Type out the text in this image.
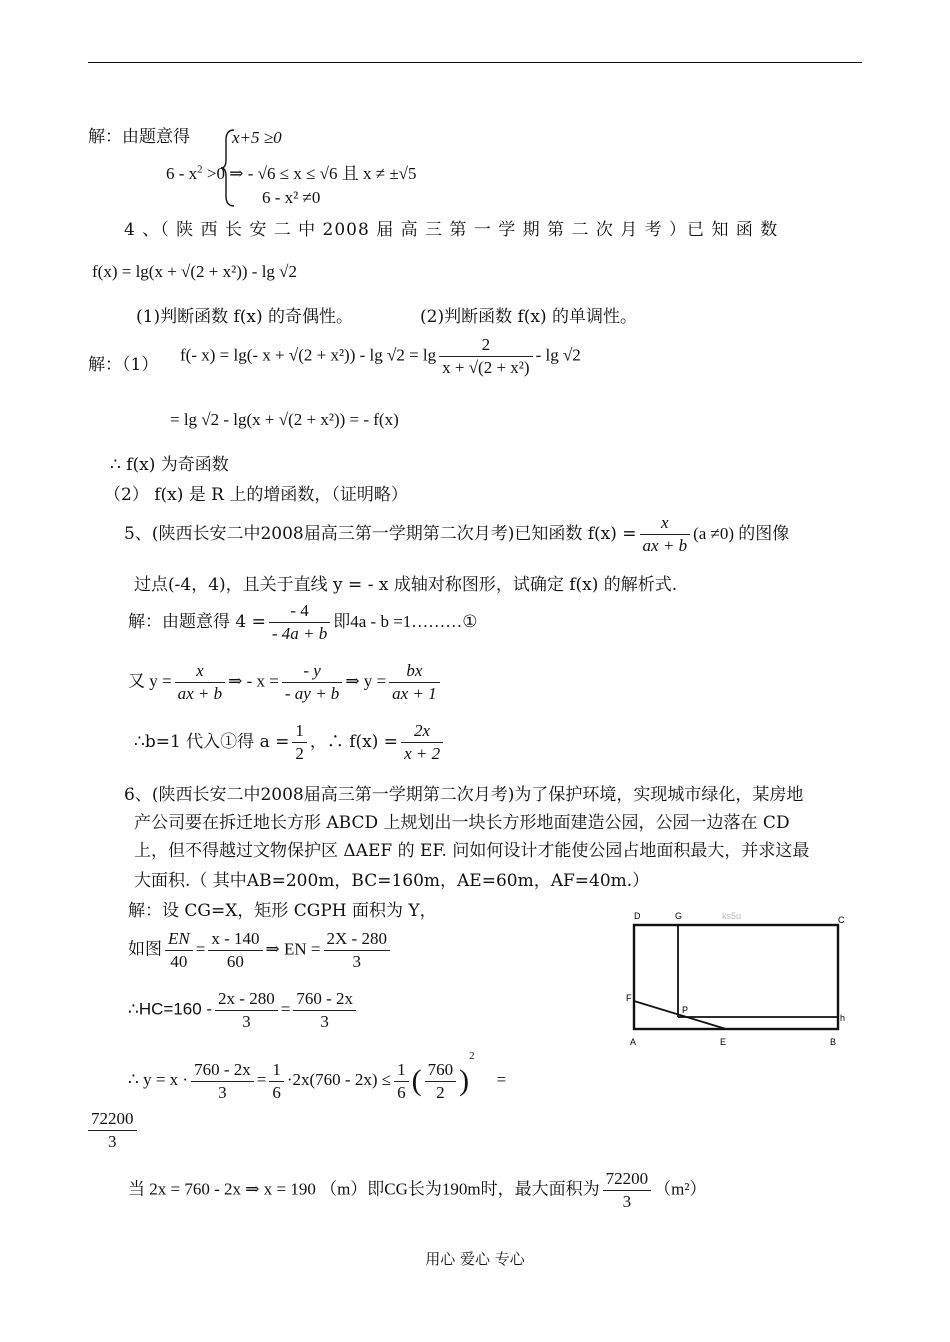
解：由题意得 x+5 ≥0
$6 - x^2 >0$ ⇒ - √6 ≤ x ≤ √6 且 x ≠ ±√5
6 - x² ≠0
4 、（ 陕 西 长 安 二 中 2008 届 高 三 第 一 学 期 第 二 次 月 考 ）已 知 函 数
f(x) = lg(x + √(2 + x²)) - lg √2
(1)判断函数 f(x) 的奇偶性。	(2)判断函数 f(x) 的单调性。
解：（1）
f(- x) = lg(- $x + √(2 + x^2)) - \lg √2 = \lg \frac{2}{\text{x + √(2 + x²)}} - \lg √2$
= lg √2 - lg(x + √(2 + x²)) = - f(x)
∴ f(x) 为奇函数
（2） f(x) 是 R 上的增函数，（证明略）
5、(陕西长安二中2008届高三第一学期第二次月考)已知函数 $f(x) = \frac{x}{ax + b} (a \ne 0)$ 的图像
过点(-4，4)，且关于直线 y = - x 成轴对称图形，试确定 f(x) 的解析式.
解：由题意得 $4 = \frac{- 4}{- 4a + b}$ 即4a - b =1………①
又 $y = \frac{x}{ax + b}$ ⇒ - $x = \frac{- y}{- ay + b}$ ⇒ $y = \frac{bx}{ax + 1}$
∴b=1 代入①得 $a = \frac{1}{2}$ ，∴ $f(x) = \frac{2x}{x + 2}$
6、(陕西长安二中2008届高三第一学期第二次月考)为了保护环境，实现城市绿化，某房地
产公司要在拆迁地长方形 ABCD 上规划出一块长方形地面建造公园，公园一边落在 CD
上，但不得越过文物保护区 ΔAEF 的 EF. 问如何设计才能使公园占地面积最大，并求这最
大面积.（ 其中AB=200m，BC=160m，AE=60m，AF=40m.）
解：设 CG=X，矩形 CGPH 面积为 Y，
如图 $\frac{EN}{40} = \frac{x - 140}{60}$ ⇒ EN = $\frac{2X - 280}{3}$
∴HC=160 - $\frac{2x - 280}{3} = \frac{760 - 2x}{3}$
∴ $y = x \cdot \frac{760 - 2x}{3} = \frac{1}{6} \cdot 2x(760 - 2x) \le \frac{1}{6}$ ( $\frac{760}{2} )^2=$
$\frac{72200}{3}$
当 2x = 760 - 2x ⇒ x = 190 （m）即CG长为190m时，最大面积为 $\frac{72200}{3} (m^2)$
D	G	ks5u	C
F
P
h
A	E	B
用心 爱心 专心
